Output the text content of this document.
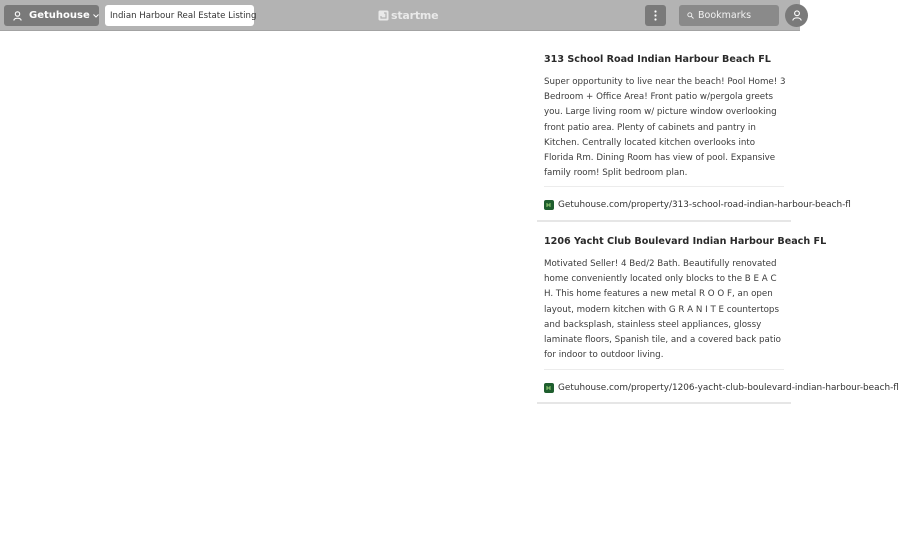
Getuhouse Indian Harbour Real Estate Listing	startme	Bookmarks
313 School Road Indian Harbour Beach FL
Super opportunity to live near the beach! Pool Home! 3 Bedroom + Office Area! Front patio w/pergola greets you. Large living room w/ picture window overlooking front patio area. Plenty of cabinets and pantry in Kitchen. Centrally located kitchen overlooks into Florida Rm. Dining Room has view of pool. Expansive family room! Split bedroom plan.
Getuhouse.com/property/313-school-road-indian-harbour-beach-fl
1206 Yacht Club Boulevard Indian Harbour Beach FL
Motivated Seller! 4 Bed/2 Bath. Beautifully renovated home conveniently located only blocks to the B E A C H. This home features a new metal R O O F, an open layout, modern kitchen with G R A N I T E countertops and backsplash, stainless steel appliances, glossy laminate floors, Spanish tile, and a covered back patio for indoor to outdoor living.
Getuhouse.com/property/1206-yacht-club-boulevard-indian-harbour-beach-fl
